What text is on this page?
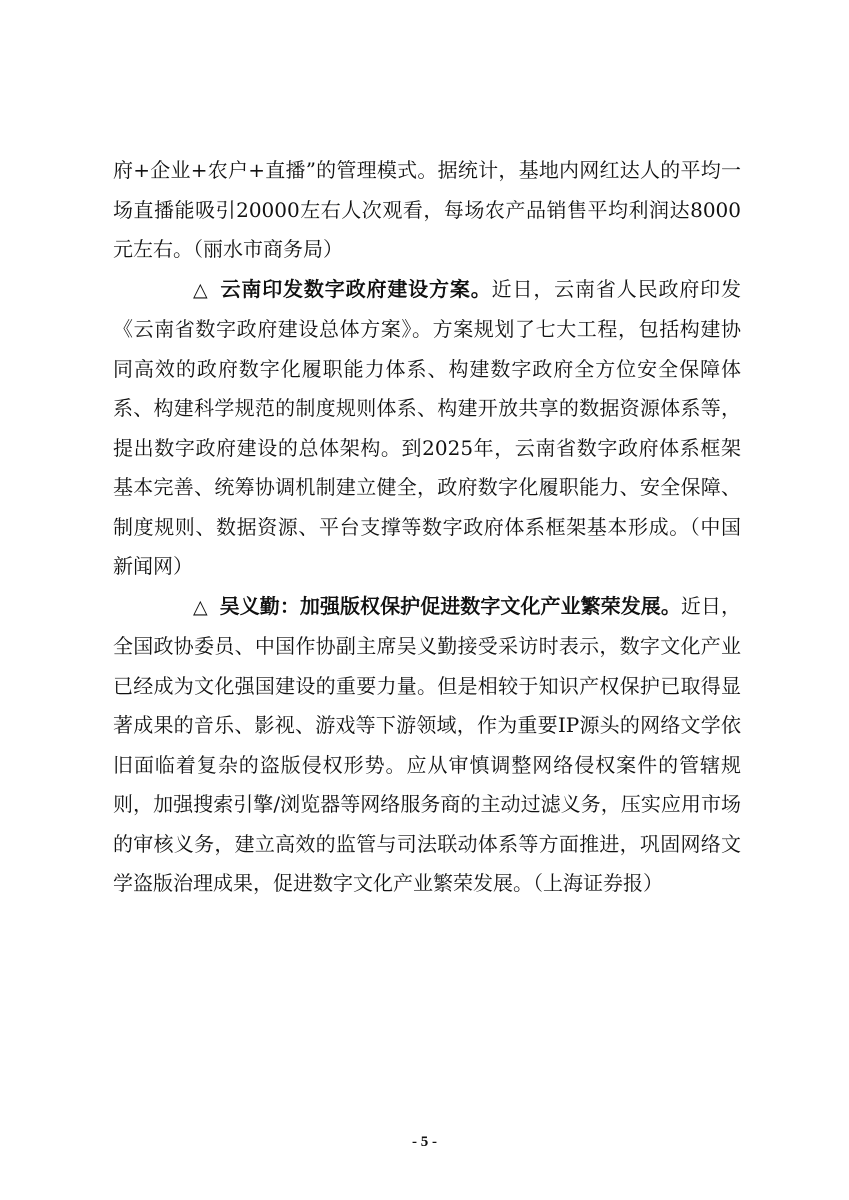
府+企业+农户+直播”的管理模式。据统计，基地内网红达人的平均一场直播能吸引20000左右人次观看，每场农产品销售平均利润达8000元左右。（丽水市商务局）

△ 云南印发数字政府建设方案。近日，云南省人民政府印发《云南省数字政府建设总体方案》。方案规划了七大工程，包括构建协同高效的政府数字化履职能力体系、构建数字政府全方位安全保障体系、构建科学规范的制度规则体系、构建开放共享的数据资源体系等，提出数字政府建设的总体架构。到2025年，云南省数字政府体系框架基本完善、统筹协调机制建立健全，政府数字化履职能力、安全保障、制度规则、数据资源、平台支撑等数字政府体系框架基本形成。（中国新闻网）

△ 吴义勤：加强版权保护促进数字文化产业繁荣发展。近日，全国政协委员、中国作协副主席吴义勤接受采访时表示，数字文化产业已经成为文化强国建设的重要力量。但是相较于知识产权保护已取得显著成果的音乐、影视、游戏等下游领域，作为重要IP源头的网络文学依旧面临着复杂的盗版侵权形势。应从审慎调整网络侵权案件的管辖规则，加强搜索引擎/浏览器等网络服务商的主动过滤义务，压实应用市场的审核义务，建立高效的监管与司法联动体系等方面推进，巩固网络文学盗版治理成果，促进数字文化产业繁荣发展。（上海证券报）

- 5 -
